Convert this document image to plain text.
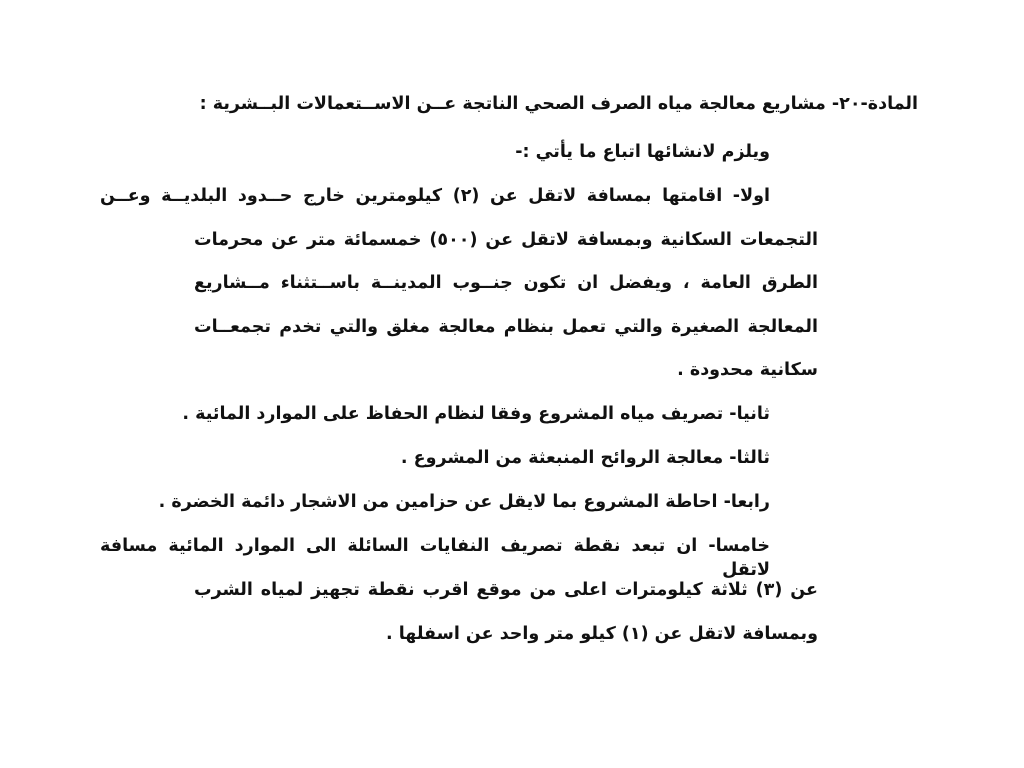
المادة-٢٠- مشاريع معالجة مياه الصرف الصحي الناتجة عــن الاســتعمالات البــشرية :
ويلزم لانشائها اتباع ما يأتي :-
اولا- اقامتها بمسافة لاتقل عن (٢) كيلومترين خارج حــدود البلديــة وعــن
التجمعات السكانية وبمسافة لاتقل عن (٥٠٠) خمسمائة متر عن محرمات
الطرق العامة ، ويفضل ان تكون جنــوب المدينــة باســتثناء مــشاريع
المعالجة الصغيرة والتي تعمل بنظام معالجة مغلق والتي تخدم تجمعــات
سكانية محدودة .
ثانيا- تصريف مياه المشروع وفقا لنظام الحفاظ على الموارد المائية .
ثالثا- معالجة الروائح المنبعثة من المشروع .
رابعا- احاطة المشروع بما لايقل عن حزامين من الاشجار دائمة الخضرة .
خامسا- ان تبعد نقطة تصريف النفايات السائلة الى الموارد المائية مسافة لاتقل
عن (٣) ثلاثة كيلومترات اعلى من موقع اقرب نقطة تجهيز لمياه الشرب
وبمسافة لاتقل عن (١) كيلو متر واحد عن اسفلها .
